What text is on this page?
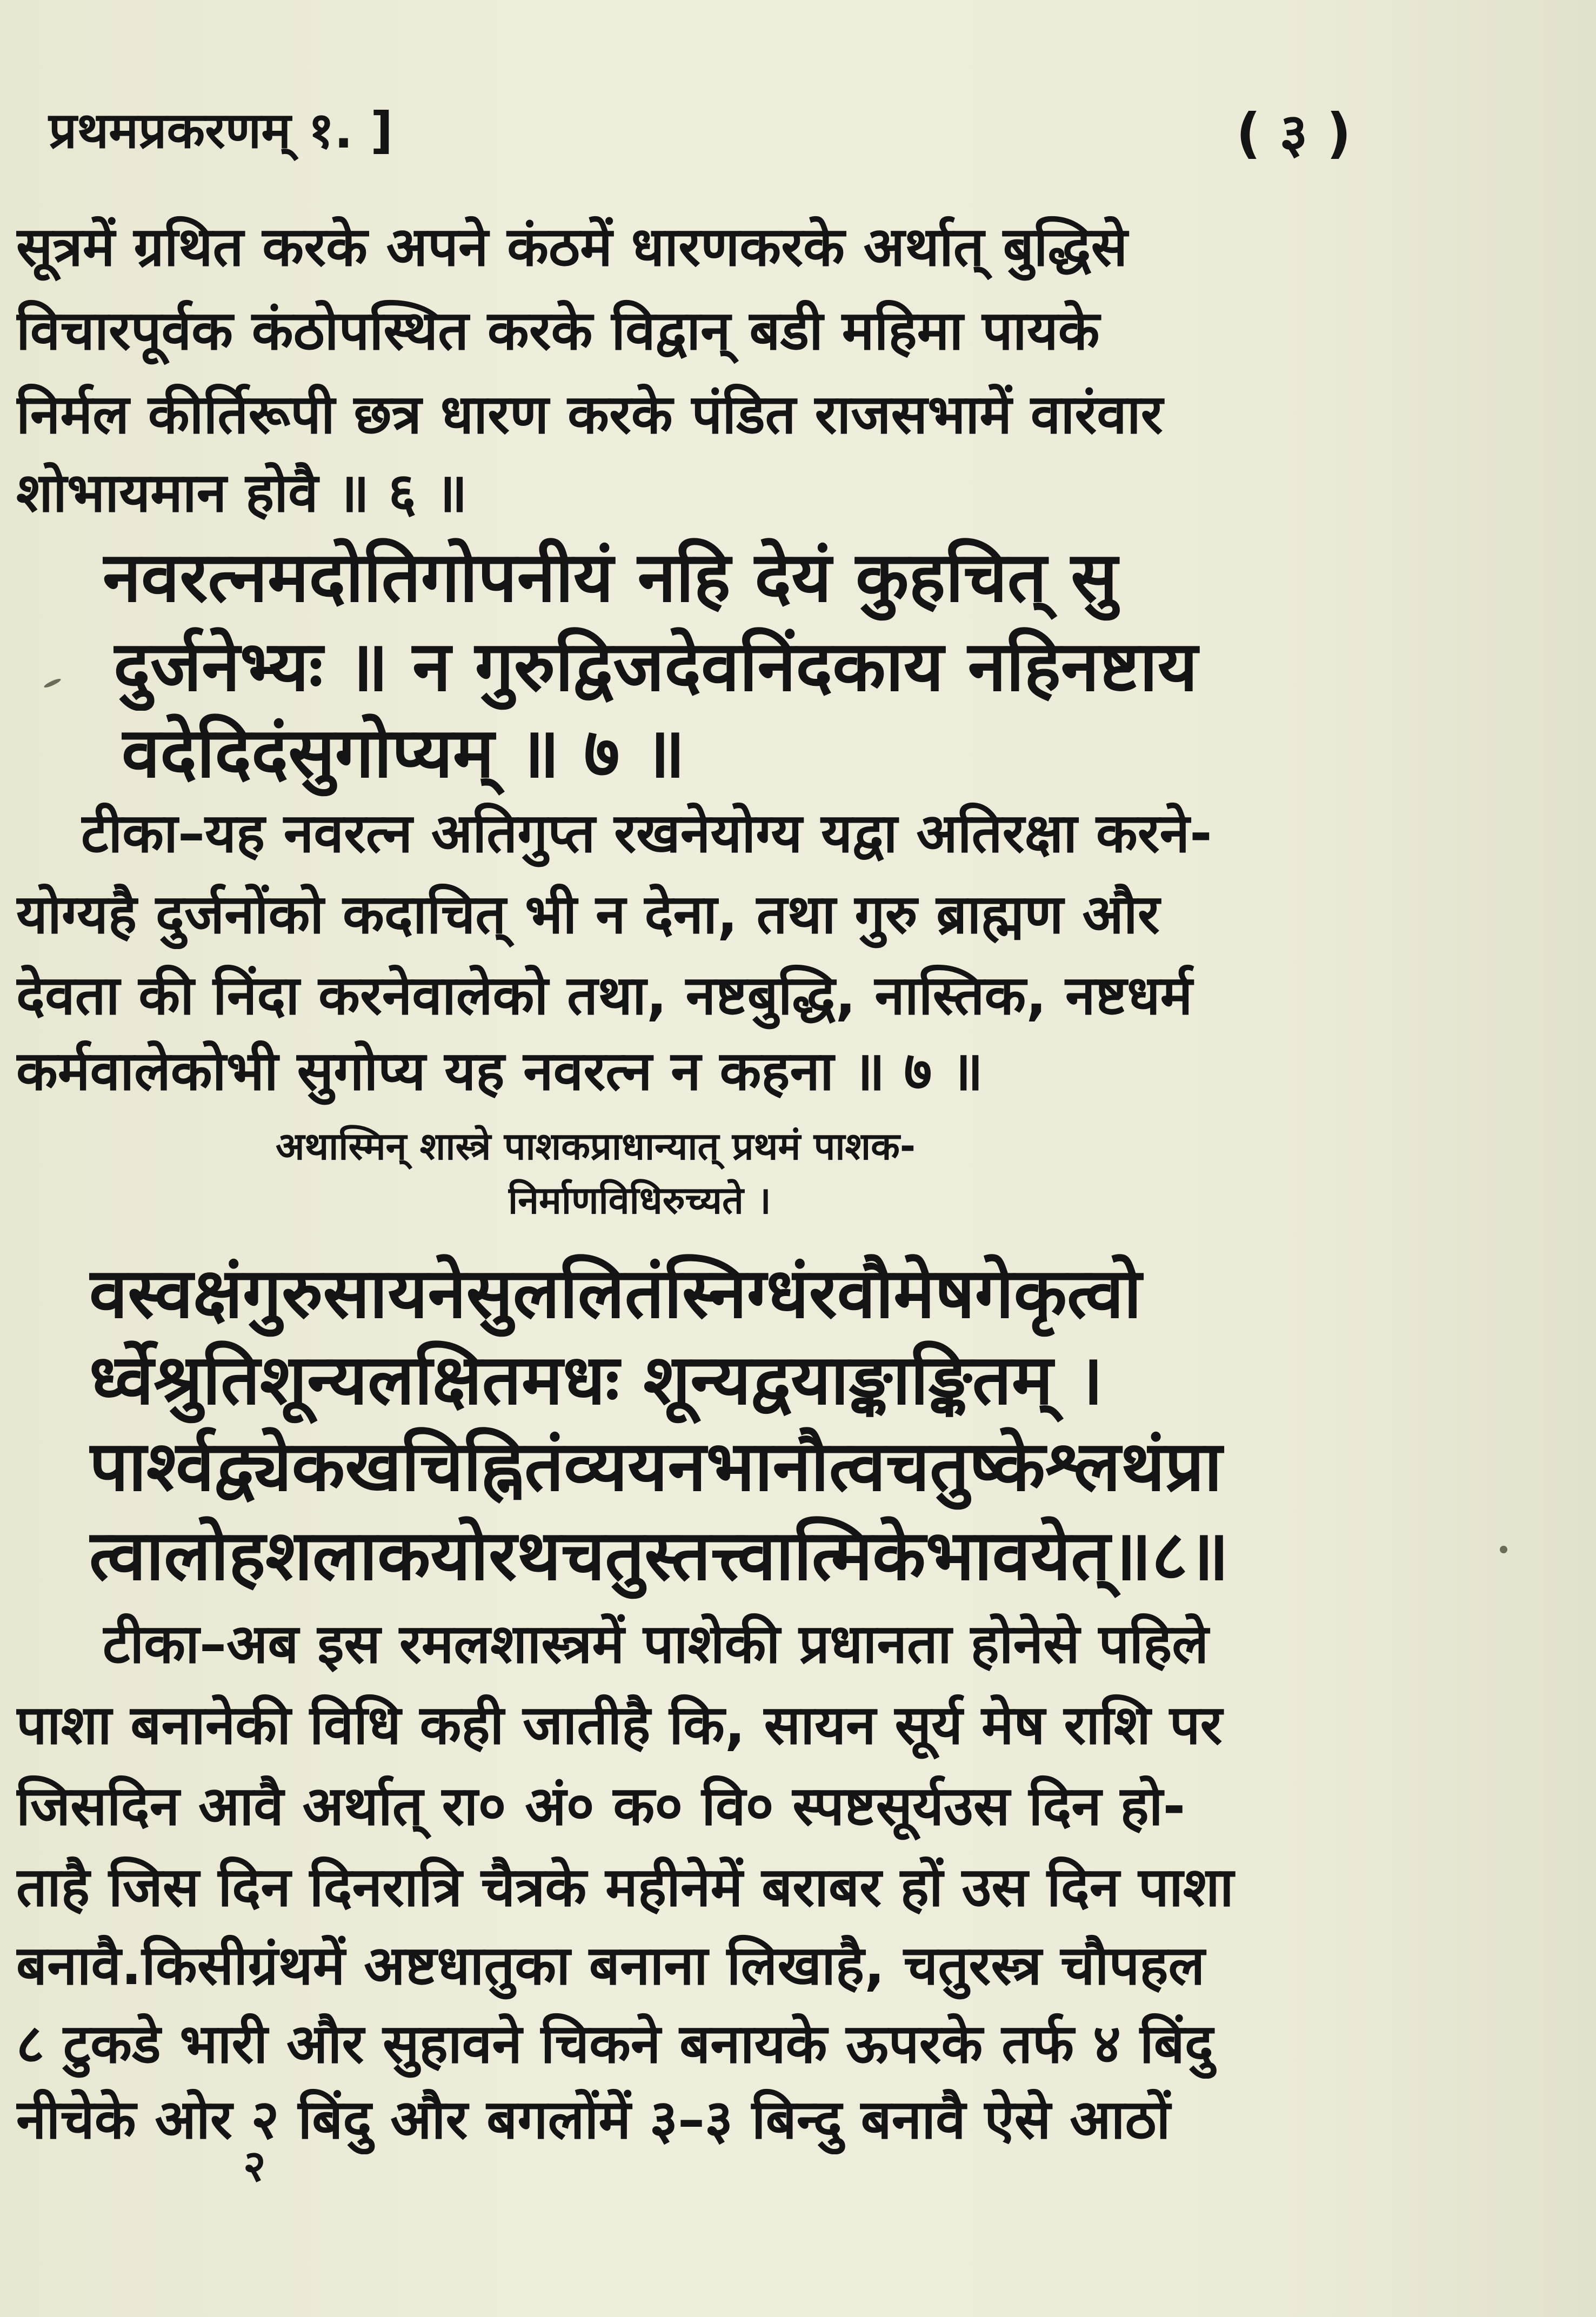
प्रथमप्रकरणम् १. ]	( ३ )
सूत्रमें ग्रथित करके अपने कंठमें धारणकरके अर्थात् बुद्धिसे
विचारपूर्वक कंठोपस्थित करके विद्वान् बडी महिमा पायके
निर्मल कीर्तिरूपी छत्र धारण करके पंडित राजसभामें वारंवार
शोभायमान होवै ॥ ६ ॥
नवरत्नमदोतिगोपनीयं नहि देयं कुहचित् सु
दुर्जनेभ्यः ॥ न गुरुद्विजदेवनिंदकाय नहिनष्टाय
वदेदिदंसुगोप्यम् ॥ ७ ॥
टीका–यह नवरत्न अतिगुप्त रखनेयोग्य यद्वा अतिरक्षा करने-
योग्यहै दुर्जनोंको कदाचित् भी न देना, तथा गुरु ब्राह्मण और
देवता की निंदा करनेवालेको तथा, नष्टबुद्धि, नास्तिक, नष्टधर्म
कर्मवालेकोभी सुगोप्य यह नवरत्न न कहना ॥ ७ ॥
अथास्मिन् शास्त्रे पाशकप्राधान्यात् प्रथमं पाशक-
निर्माणविधिरुच्यते ।
वस्वक्षंगुरुसायनेसुललितंस्निग्धंरवौमेषगेकृत्वो
र्ध्वेश्रुतिशून्यलक्षितमधः शून्यद्वयाङ्काङ्कितम् ।
पार्श्वद्व्येकखचिह्नितंव्ययनभानौत्वचतुष्केश्लथंप्रा
त्वालोहशलाकयोरथचतुस्तत्त्वात्मिकेभावयेत्॥८॥
टीका–अब इस रमलशास्त्रमें पाशेकी प्रधानता होनेसे पहिले
पाशा बनानेकी विधि कही जातीहै कि, सायन सूर्य मेष राशि पर
जिसदिन आवै अर्थात् रा० अं० क० वि० स्पष्टसूर्यउस दिन हो-
ताहै जिस दिन दिनरात्रि चैत्रके महीनेमें बराबर हों उस दिन पाशा
बनावै.किसीग्रंथमें अष्टधातुका बनाना लिखाहै, चतुरस्त्र चौपहल
८ टुकडे भारी और सुहावने चिकने बनायके ऊपरके तर्फ ४ बिंदु
नीचेके ओर २ बिंदु और बगलोंमें ३–३ बिन्दु बनावै ऐसे आठों
२
